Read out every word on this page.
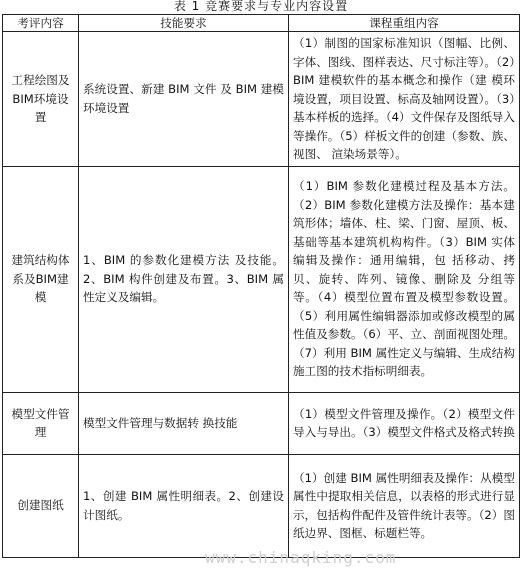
表 1 竞赛要求与专业内容设置
考评内容	技能要求	课程重组内容
工程绘图及BIM环境设置	系统设置、新建 BIM 文件 及 BIM 建模环境设置	（1）制图的国家标准知识（图幅、比例、字体、图线、图样表达、尺寸标注等）。（2）BIM 建模软件的基本概念和操作（建 模环境设置，项目设置、标高及轴网设置）。（3）基本样板的选择。（4）文件保存及图纸导入等操作。（5）样板文件的创建（参数、族、视图、 渲染场景等）。
建筑结构体系及BIM建模	1、BIM 的参数化建模方法 及技能。2、BIM 构件创建及布置。3、BIM 属性定义及编辑。	（1）BIM 参数化建模过程及基本方法。（2）BIM 参数化建模方法及操作：基本建 筑形体；墙体、柱、梁、门窗、屋顶、板、 基础等基本建筑机构构件。（3）BIM 实体编辑及操作：通用编辑，包 括移动、拷贝、旋转、阵列、镜像、删除及 分组等等。（4）模型位置布置及模型参数设置。（5）利用属性编辑器添加或修改模型的属 性值及参数。（6）平、立、剖面视图处理。（7）利用 BIM 属性定义与编辑、生成结构 施工图的技术指标明细表。
模型文件管理	模型文件管理与数据转 换技能	（1）模型文件管理及操作。（2）模型文件导入与导出。（3）模型文件格式及格式转换
创建图纸	1、创建 BIM 属性明细表。2、创建设计图纸。	（1）创建 BIM 属性明细表及操作：从模型 属性中提取相关信息，以表格的形式进行显示，包括构件配件及管件统计表等。（2）图纸边界、图框、标题栏等。
www.chinaqking.com
